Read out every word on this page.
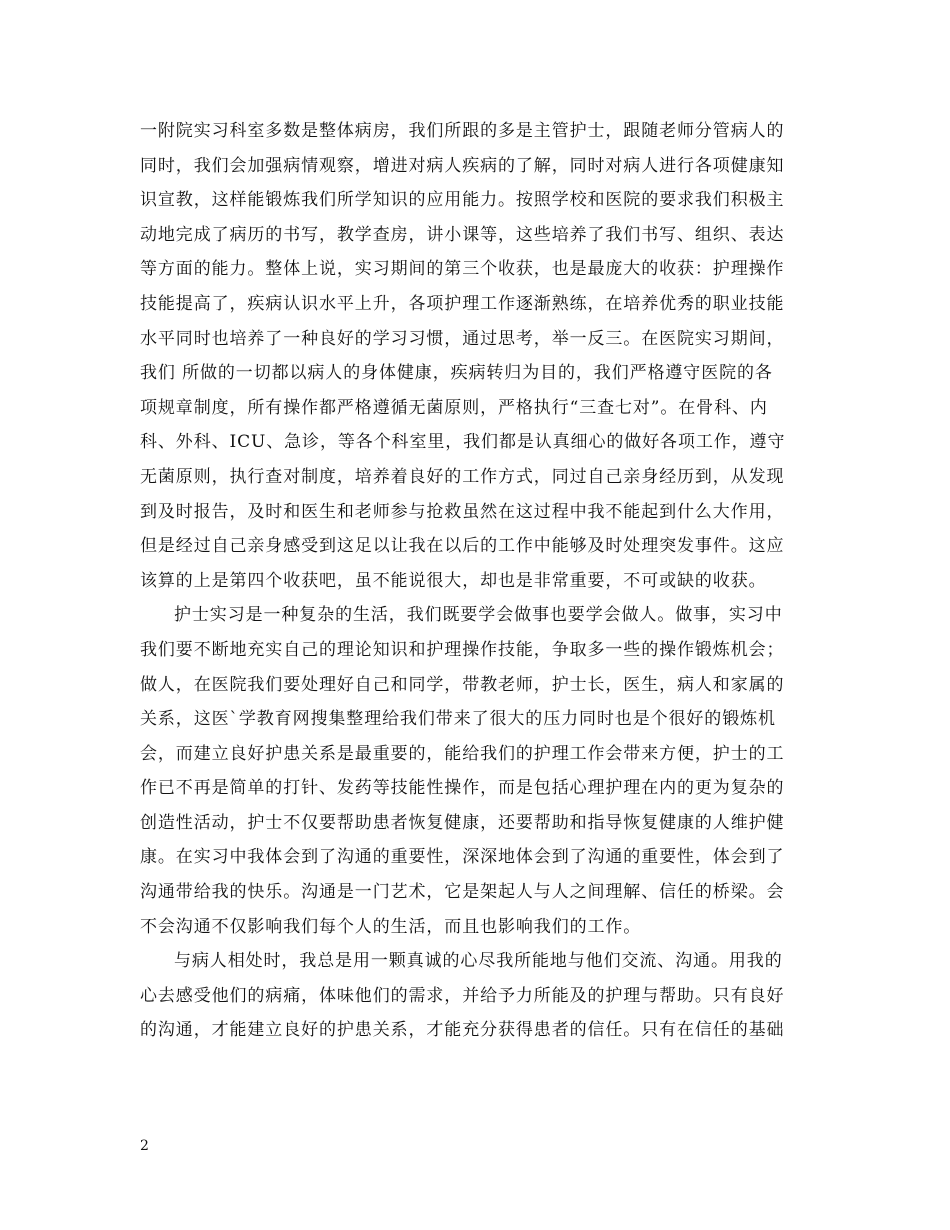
一附院实习科室多数是整体病房，我们所跟的多是主管护士，跟随老师分管病人的
同时，我们会加强病情观察，增进对病人疾病的了解，同时对病人进行各项健康知
识宣教，这样能锻炼我们所学知识的应用能力。按照学校和医院的要求我们积极主
动地完成了病历的书写，教学查房，讲小课等，这些培养了我们书写、组织、表达
等方面的能力。整体上说，实习期间的第三个收获，也是最庞大的收获：护理操作
技能提高了，疾病认识水平上升，各项护理工作逐渐熟练，在培养优秀的职业技能
水平同时也培养了一种良好的学习习惯，通过思考，举一反三。在医院实习期间，
我们 所做的一切都以病人的身体健康，疾病转归为目的，我们严格遵守医院的各
项规章制度，所有操作都严格遵循无菌原则，严格执行“三查七对”。在骨科、内
科、外科、ICU、急诊，等各个科室里，我们都是认真细心的做好各项工作，遵守
无菌原则，执行查对制度，培养着良好的工作方式，同过自己亲身经历到，从发现
到及时报告，及时和医生和老师参与抢救虽然在这过程中我不能起到什么大作用，
但是经过自己亲身感受到这足以让我在以后的工作中能够及时处理突发事件。这应
该算的上是第四个收获吧，虽不能说很大，却也是非常重要，不可或缺的收获。
护士实习是一种复杂的生活，我们既要学会做事也要学会做人。做事，实习中
我们要不断地充实自己的理论知识和护理操作技能，争取多一些的操作锻炼机会；
做人，在医院我们要处理好自己和同学，带教老师，护士长，医生，病人和家属的
关系，这医`学教育网搜集整理给我们带来了很大的压力同时也是个很好的锻炼机
会，而建立良好护患关系是最重要的，能给我们的护理工作会带来方便，护士的工
作已不再是简单的打针、发药等技能性操作，而是包括心理护理在内的更为复杂的
创造性活动，护士不仅要帮助患者恢复健康，还要帮助和指导恢复健康的人维护健
康。在实习中我体会到了沟通的重要性，深深地体会到了沟通的重要性，体会到了
沟通带给我的快乐。沟通是一门艺术，它是架起人与人之间理解、信任的桥梁。会
不会沟通不仅影响我们每个人的生活，而且也影响我们的工作。
与病人相处时，我总是用一颗真诚的心尽我所能地与他们交流、沟通。用我的
心去感受他们的病痛，体味他们的需求，并给予力所能及的护理与帮助。只有良好
的沟通，才能建立良好的护患关系，才能充分获得患者的信任。只有在信任的基础
2
